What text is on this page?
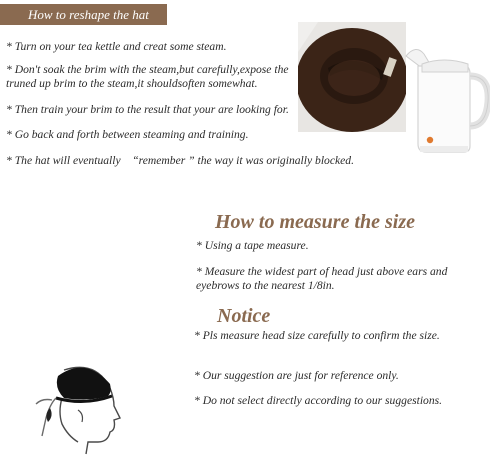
How to reshape the hat

* Turn on your tea kettle and creat some steam.

* Don't soak the brim with the steam,but carefully,expose the truned up brim to the steam,it shouldsoften somewhat.

* Then train your brim to the result that your are looking for.

* Go back and forth between steaming and training.

* The hat will eventually    “remember ” the way it was originally blocked.

How to measure the size

* Using a tape measure.

* Measure the widest part of head just above ears and eyebrows to the nearest 1/8in.

Notice

* Pls measure head size carefully to confirm the size.

* Our suggestion are just for reference only.

* Do not select directly according to our suggestions.
